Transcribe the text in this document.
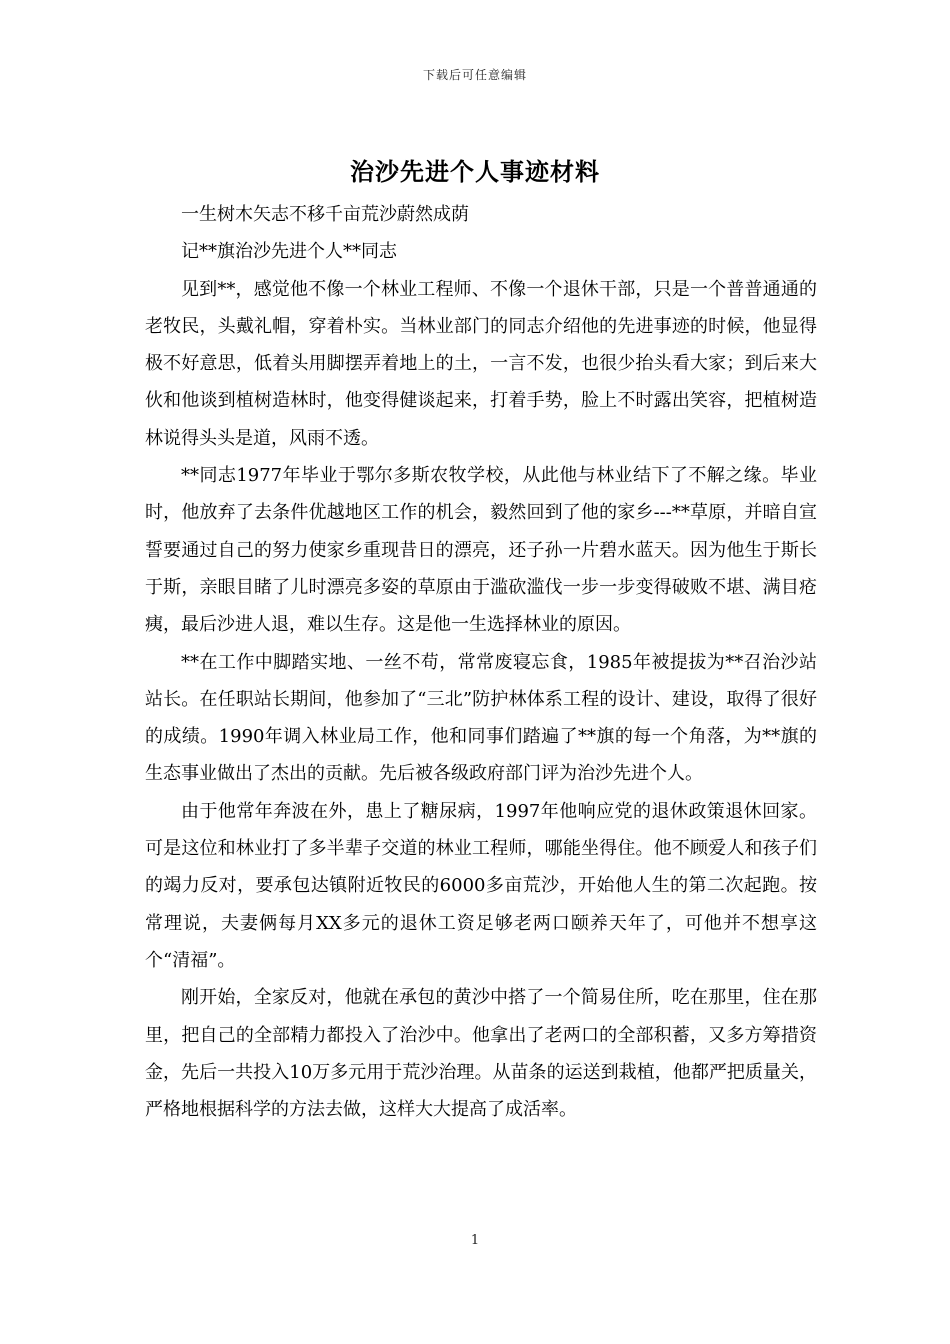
下载后可任意编辑
治沙先进个人事迹材料

一生树木矢志不移千亩荒沙蔚然成荫

记**旗治沙先进个人**同志

见到**，感觉他不像一个林业工程师、不像一个退休干部，只是一个普普通通的老牧民，头戴礼帽，穿着朴实。当林业部门的同志介绍他的先进事迹的时候，他显得极不好意思，低着头用脚摆弄着地上的土，一言不发，也很少抬头看大家；到后来大伙和他谈到植树造林时，他变得健谈起来，打着手势，脸上不时露出笑容，把植树造林说得头头是道，风雨不透。

**同志1977年毕业于鄂尔多斯农牧学校，从此他与林业结下了不解之缘。毕业时，他放弃了去条件优越地区工作的机会，毅然回到了他的家乡---**草原，并暗自宣誓要通过自己的努力使家乡重现昔日的漂亮，还子孙一片碧水蓝天。因为他生于斯长于斯，亲眼目睹了儿时漂亮多姿的草原由于滥砍滥伐一步一步变得破败不堪、满目疮痍，最后沙进人退，难以生存。这是他一生选择林业的原因。

**在工作中脚踏实地、一丝不苟，常常废寝忘食，1985年被提拔为**召治沙站站长。在任职站长期间，他参加了“三北”防护林体系工程的设计、建设，取得了很好的成绩。1990年调入林业局工作，他和同事们踏遍了**旗的每一个角落，为**旗的生态事业做出了杰出的贡献。先后被各级政府部门评为治沙先进个人。

由于他常年奔波在外，患上了糖尿病，1997年他响应党的退休政策退休回家。可是这位和林业打了多半辈子交道的林业工程师，哪能坐得住。他不顾爱人和孩子们的竭力反对，要承包达镇附近牧民的6000多亩荒沙，开始他人生的第二次起跑。按常理说，夫妻俩每月XX多元的退休工资足够老两口颐养天年了，可他并不想享这个“清福”。

刚开始，全家反对，他就在承包的黄沙中搭了一个简易住所，吃在那里，住在那里，把自己的全部精力都投入了治沙中。他拿出了老两口的全部积蓄，又多方筹措资金，先后一共投入10万多元用于荒沙治理。从苗条的运送到栽植，他都严把质量关，严格地根据科学的方法去做，这样大大提高了成活率。

1
